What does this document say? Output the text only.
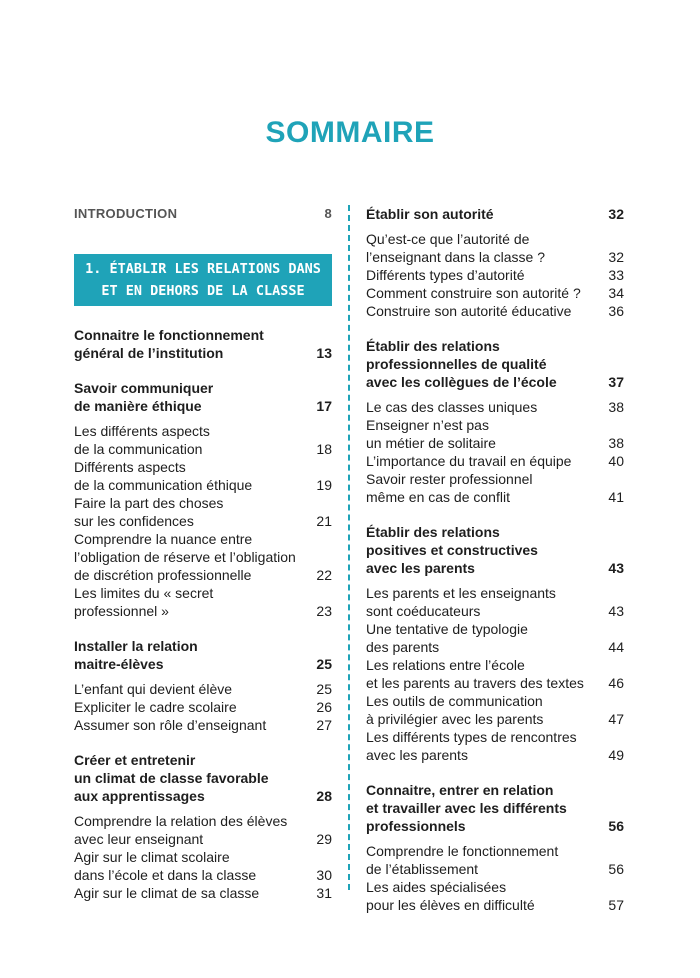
SOMMAIRE
INTRODUCTION	8
1. ÉTABLIR LES RELATIONS DANS
ET EN DEHORS DE LA CLASSE
Connaitre le fonctionnement
général de l’institution	13
Savoir communiquer
de manière éthique	17
Les différents aspects
de la communication	18
Différents aspects
de la communication éthique	19
Faire la part des choses
sur les confidences	21
Comprendre la nuance entre
l’obligation de réserve et l’obligation
de discrétion professionnelle	22
Les limites du « secret
professionnel »	23
Installer la relation
maitre-élèves	25
L’enfant qui devient élève	25
Expliciter le cadre scolaire	26
Assumer son rôle d’enseignant	27
Créer et entretenir
un climat de classe favorable
aux apprentissages	28
Comprendre la relation des élèves
avec leur enseignant	29
Agir sur le climat scolaire
dans l’école et dans la classe	30
Agir sur le climat de sa classe	31
Établir son autorité	32
Qu’est-ce que l’autorité de
l’enseignant dans la classe ?	32
Différents types d’autorité	33
Comment construire son autorité ?	34
Construire son autorité éducative	36
Établir des relations
professionnelles de qualité
avec les collègues de l’école	37
Le cas des classes uniques	38
Enseigner n’est pas
un métier de solitaire	38
L’importance du travail en équipe	40
Savoir rester professionnel
même en cas de conflit	41
Établir des relations
positives et constructives
avec les parents	43
Les parents et les enseignants
sont coéducateurs	43
Une tentative de typologie
des parents	44
Les relations entre l’école
et les parents au travers des textes	46
Les outils de communication
à privilégier avec les parents	47
Les différents types de rencontres
avec les parents	49
Connaitre, entrer en relation
et travailler avec les différents
professionnels	56
Comprendre le fonctionnement
de l’établissement	56
Les aides spécialisées
pour les élèves en difficulté	57
